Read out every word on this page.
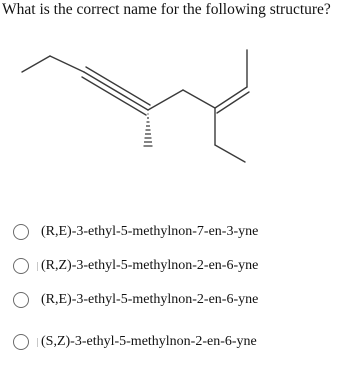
What is the correct name for the following structure?
(R,E)-3-ethyl-5-methylnon-7-en-3-yne
(R,Z)-3-ethyl-5-methylnon-2-en-6-yne
(R,E)-3-ethyl-5-methylnon-2-en-6-yne
(S,Z)-3-ethyl-5-methylnon-2-en-6-yne
